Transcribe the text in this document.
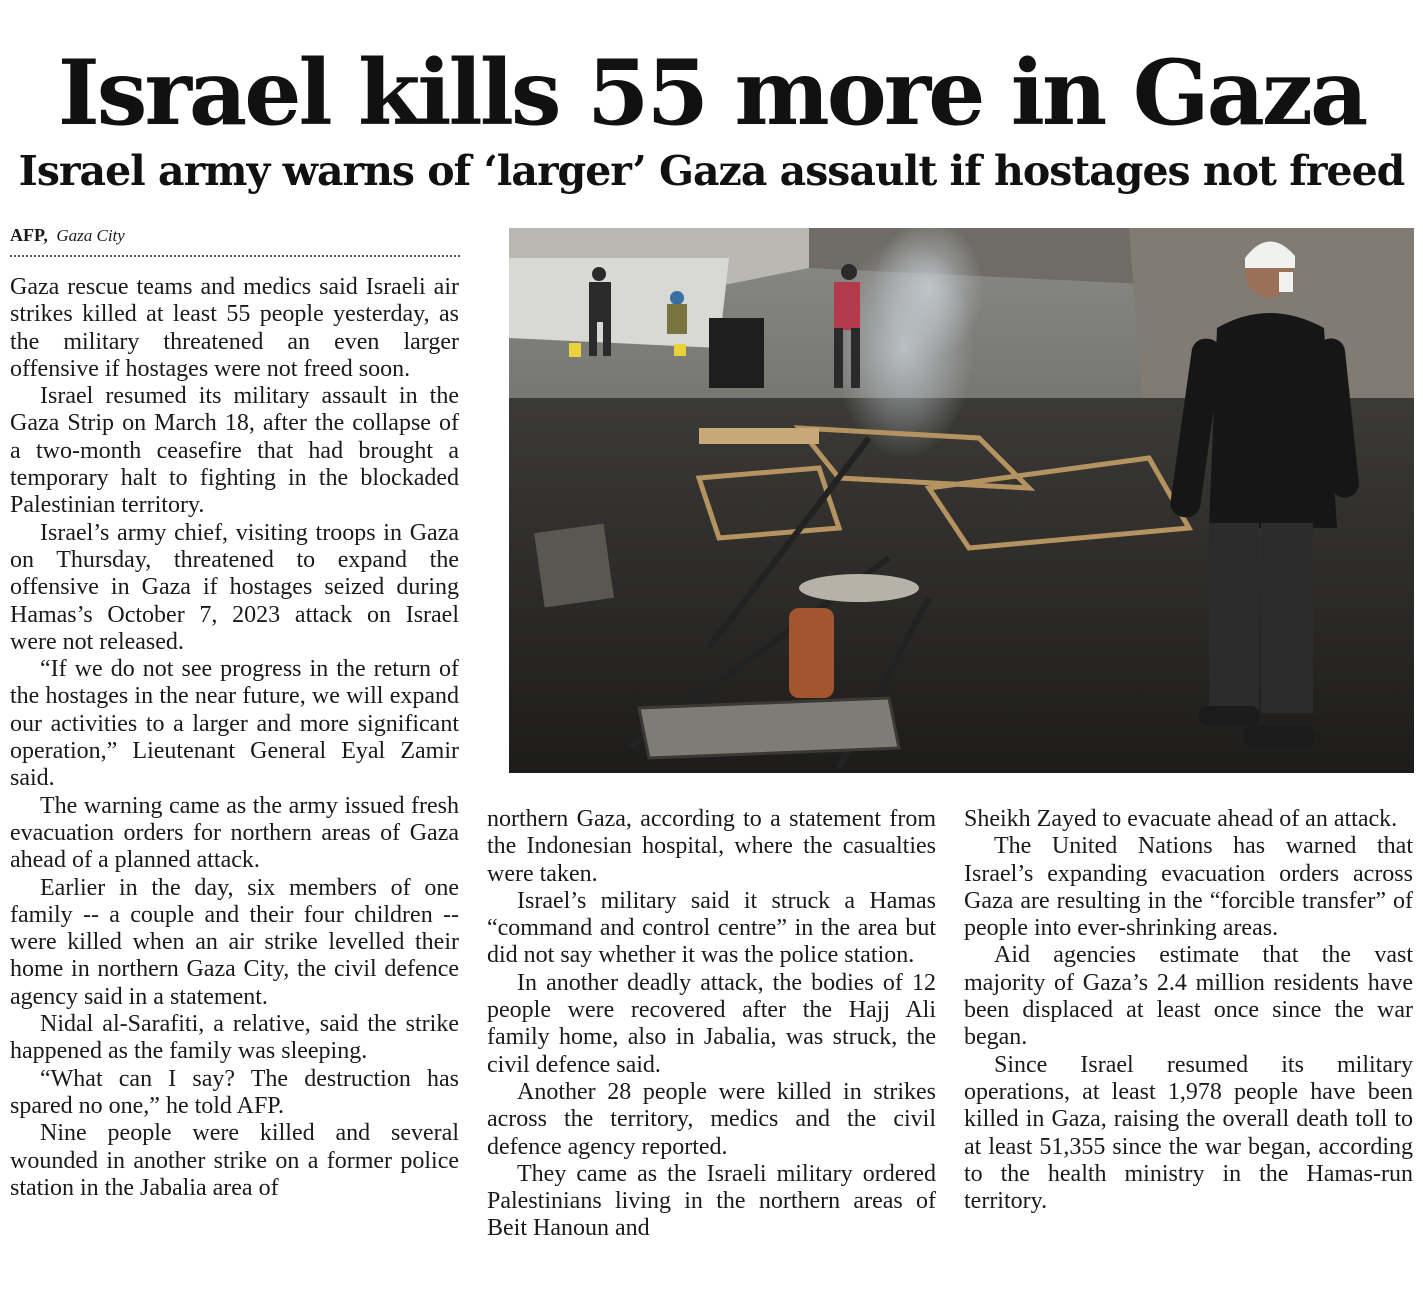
Israel kills 55 more in Gaza
Israel army warns of ‘larger’ Gaza assault if hostages not freed
AFP, Gaza City

Gaza rescue teams and medics said Israeli air strikes killed at least 55 people yesterday, as the military threatened an even larger offensive if hostages were not freed soon.

Israel resumed its military assault in the Gaza Strip on March 18, after the collapse of a two-month ceasefire that had brought a temporary halt to fighting in the blockaded Palestinian territory.

Israel’s army chief, visiting troops in Gaza on Thursday, threatened to expand the offensive in Gaza if hostages seized during Hamas’s October 7, 2023 attack on Israel were not released.

“If we do not see progress in the return of the hostages in the near future, we will expand our activities to a larger and more significant operation,” Lieutenant General Eyal Zamir said.

The warning came as the army issued fresh evacuation orders for northern areas of Gaza ahead of a planned attack.

Earlier in the day, six members of one family -- a couple and their four children -- were killed when an air strike levelled their home in northern Gaza City, the civil defence agency said in a statement.

Nidal al-Sarafiti, a relative, said the strike happened as the family was sleeping.

“What can I say? The destruction has spared no one,” he told AFP.

Nine people were killed and several wounded in another strike on a former police station in the Jabalia area of

northern Gaza, according to a statement from the Indonesian hospital, where the casualties were taken.

Israel’s military said it struck a Hamas “command and control centre” in the area but did not say whether it was the police station.

In another deadly attack, the bodies of 12 people were recovered after the Hajj Ali family home, also in Jabalia, was struck, the civil defence said.

Another 28 people were killed in strikes across the territory, medics and the civil defence agency reported.

They came as the Israeli military ordered Palestinians living in the northern areas of Beit Hanoun and

Sheikh Zayed to evacuate ahead of an attack.

The United Nations has warned that Israel’s expanding evacuation orders across Gaza are resulting in the “forcible transfer” of people into ever-shrinking areas.

Aid agencies estimate that the vast majority of Gaza’s 2.4 million residents have been displaced at least once since the war began.

Since Israel resumed its military operations, at least 1,978 people have been killed in Gaza, raising the overall death toll to at least 51,355 since the war began, according to the health ministry in the Hamas-run territory.
